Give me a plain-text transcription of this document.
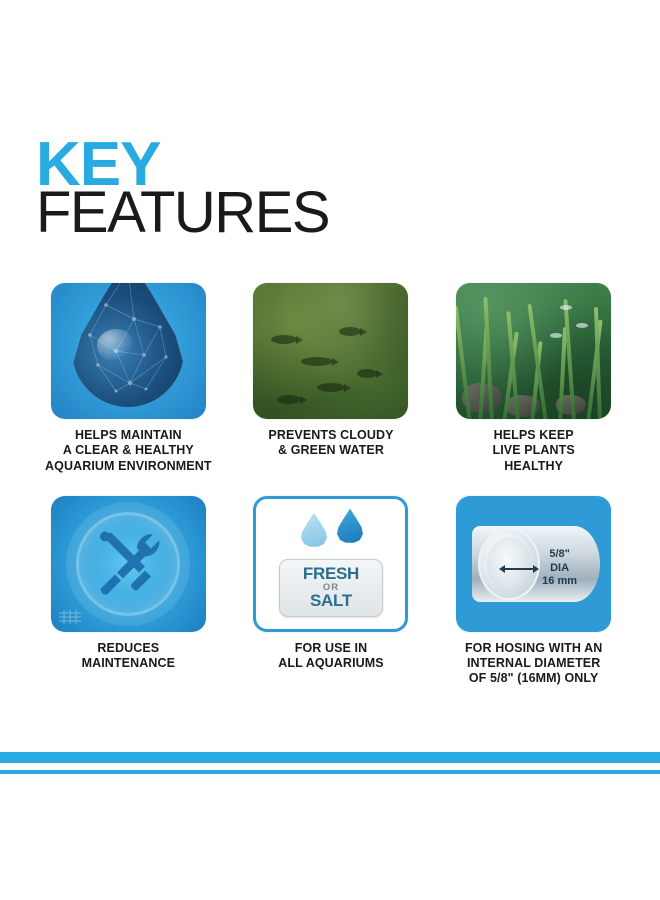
KEY
FEATURES
HELPS MAINTAIN
A CLEAR & HEALTHY
AQUARIUM ENVIRONMENT
PREVENTS CLOUDY
& GREEN WATER
HELPS KEEP
LIVE PLANTS
HEALTHY
REDUCES
MAINTENANCE
FRESH
OR
SALT
FOR USE IN
ALL AQUARIUMS
5/8"
DIA
16 mm
FOR HOSING WITH AN
INTERNAL DIAMETER
OF 5/8" (16MM) ONLY
